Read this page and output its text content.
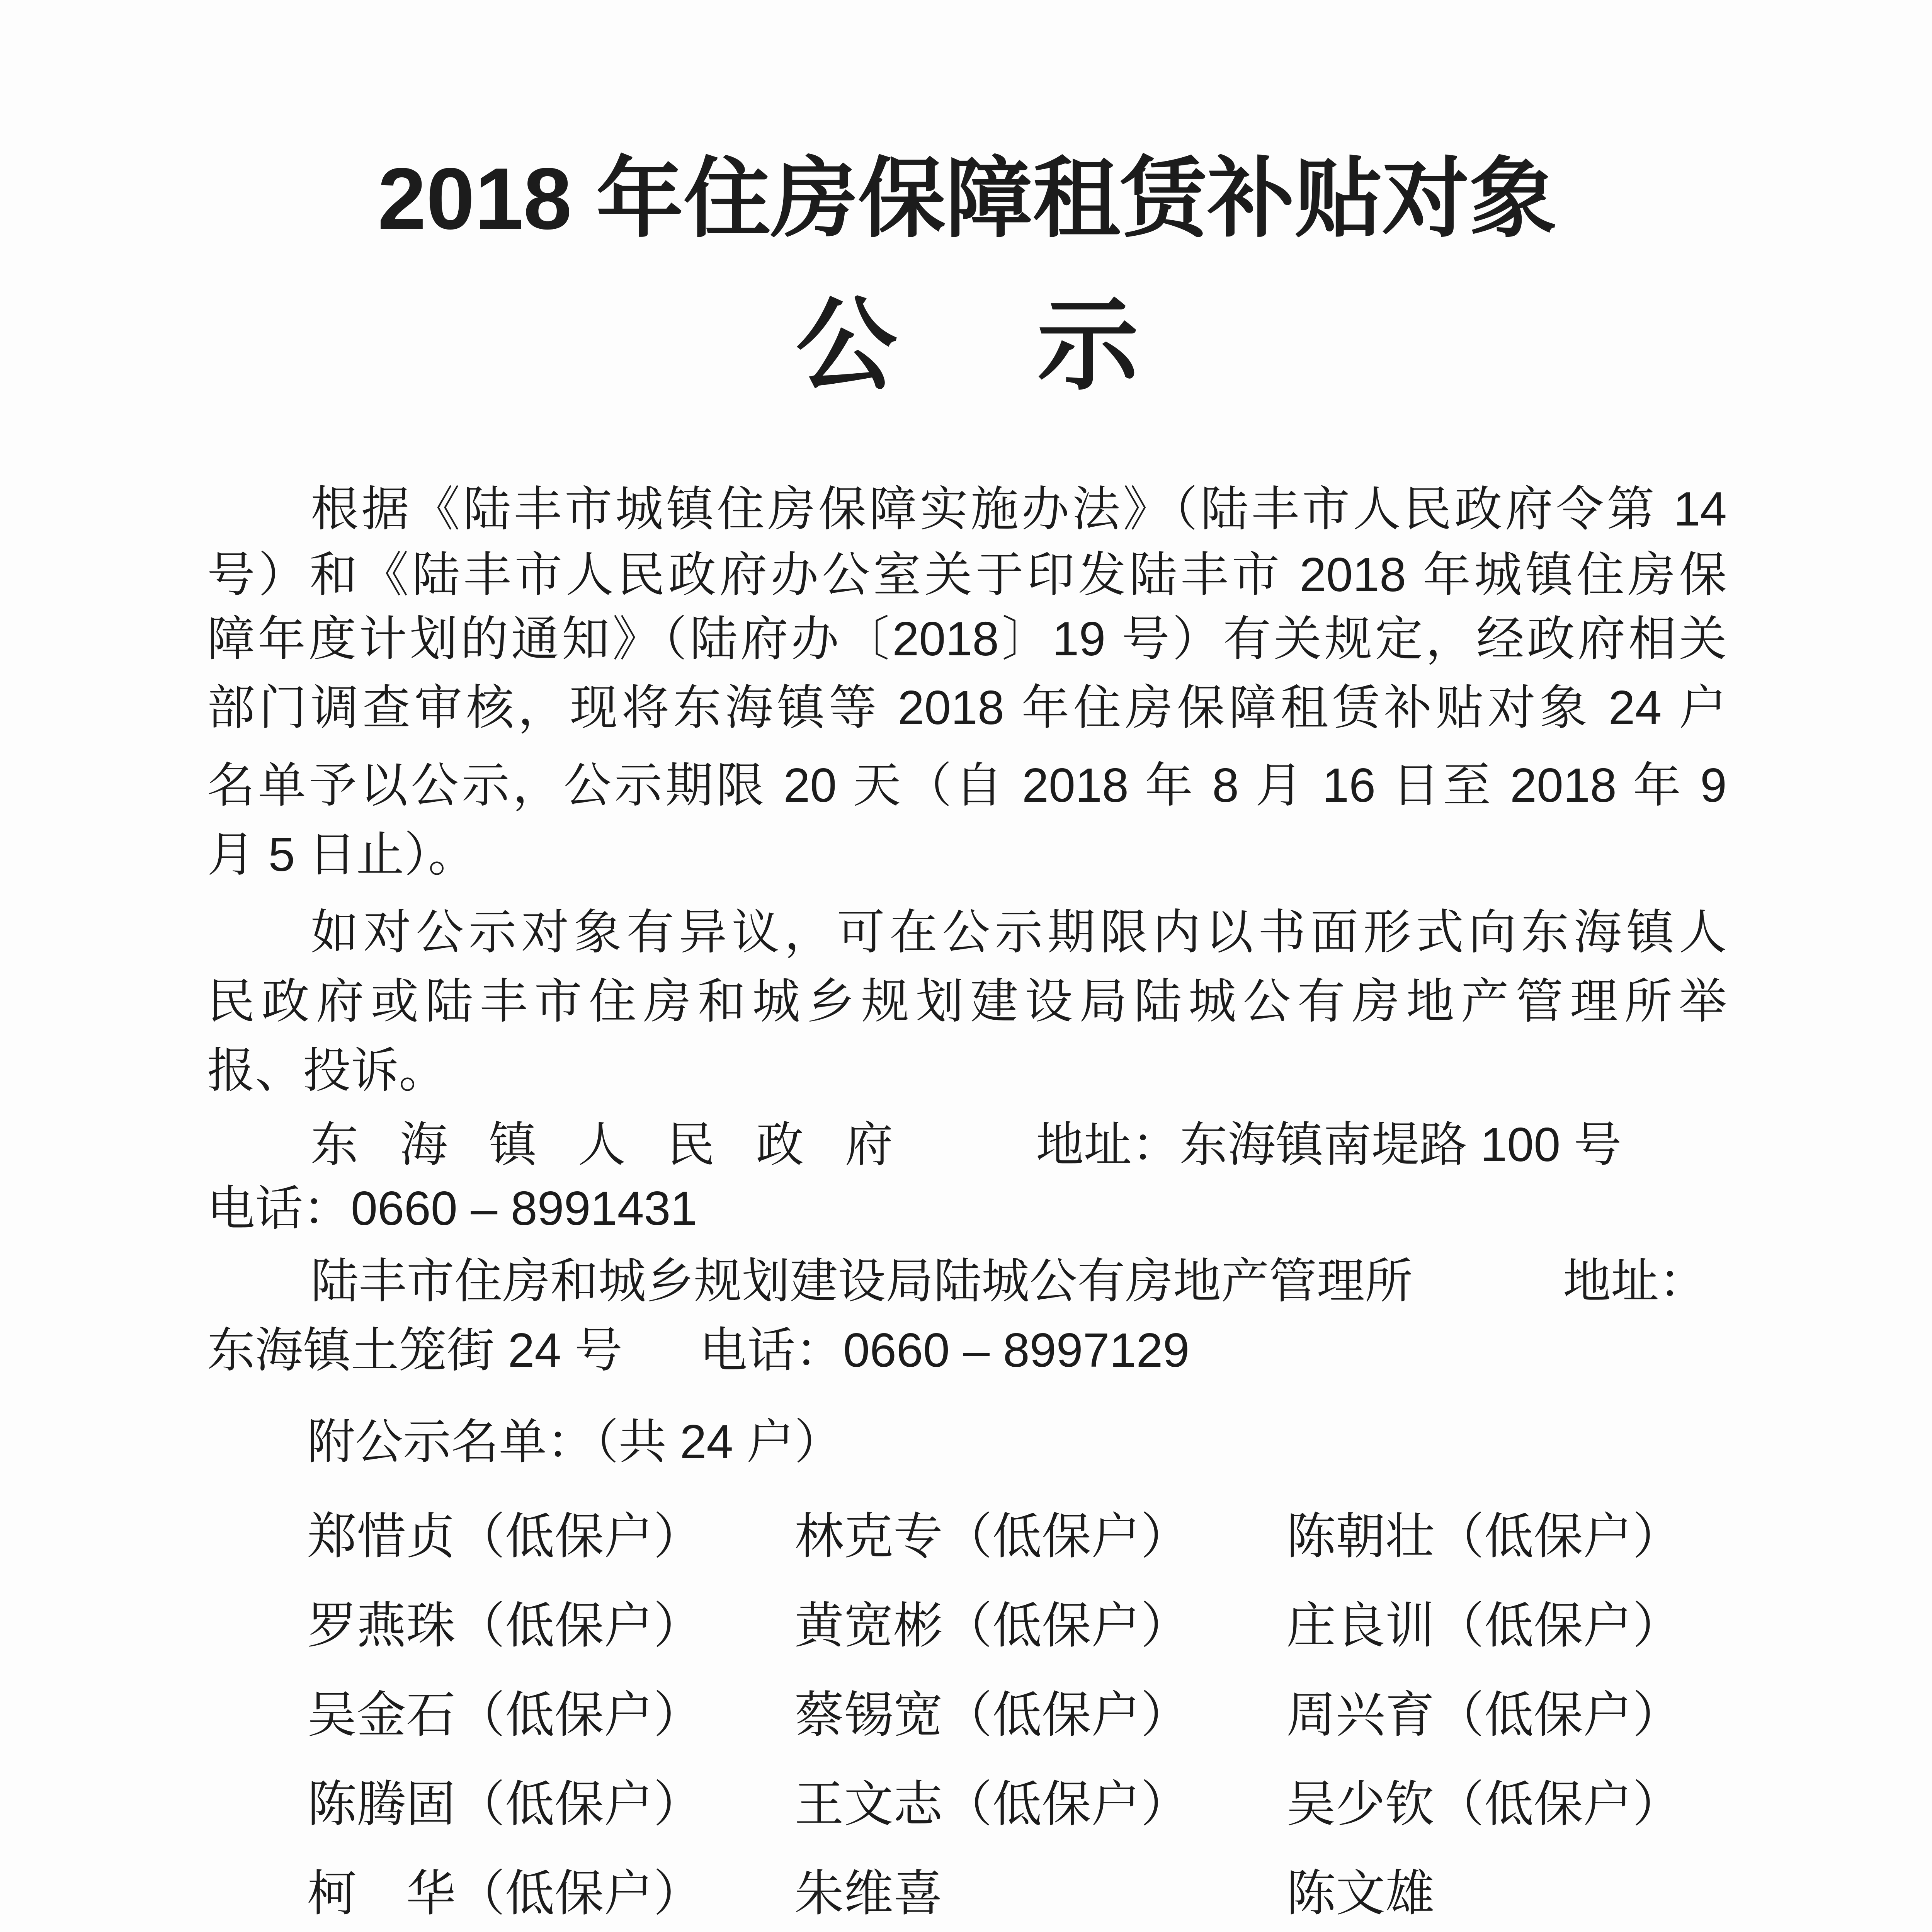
2018 年住房保障租赁补贴对象
公 示
根据《陆丰市城镇住房保障实施办法》（陆丰市人民政府令第 14
号）和《陆丰市人民政府办公室关于印发陆丰市 2018 年城镇住房保
障年度计划的通知》（陆府办〔2018〕19 号）有关规定，经政府相关
部门调查审核，现将东海镇等 2018 年住房保障租赁补贴对象 24 户
名单予以公示，公示期限 20 天（自 2018 年 8 月 16 日至 2018 年 9
月 5 日止）。
如对公示对象有异议，可在公示期限内以书面形式向东海镇人
民政府或陆丰市住房和城乡规划建设局陆城公有房地产管理所举
报、投诉。
东 海 镇 人 民 政 府	地址：东海镇南堤路 100 号
电话：0660 – 8991431
陆丰市住房和城乡规划建设局陆城公有房地产管理所	地址：
东海镇土笼街 24 号 电话：0660 – 8997129
附公示名单：（共 24 户）
郑惜贞（低保户）	林克专（低保户）	陈朝壮（低保户）
罗燕珠（低保户）	黄宽彬（低保户）	庄良训（低保户）
吴金石（低保户）	蔡锡宽（低保户）	周兴育（低保户）
陈腾固（低保户）	王文志（低保户）	吴少钦（低保户）
柯　华（低保户）	朱维喜	陈文雄
